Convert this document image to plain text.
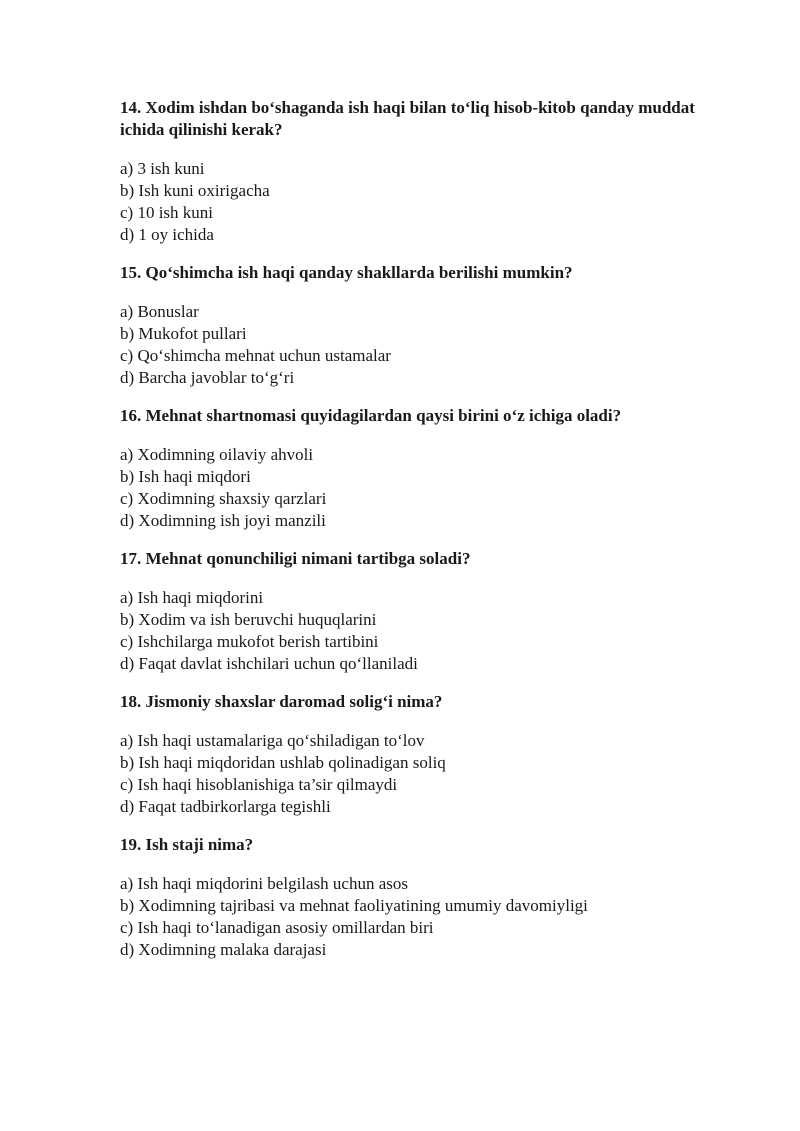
14. Xodim ishdan bo‘shaganda ish haqi bilan to‘liq hisob-kitob qanday muddat ichida qilinishi kerak?
a) 3 ish kuni
b) Ish kuni oxirigacha
c) 10 ish kuni
d) 1 oy ichida
15. Qo‘shimcha ish haqi qanday shakllarda berilishi mumkin?
a) Bonuslar
b) Mukofot pullari
c) Qo‘shimcha mehnat uchun ustamalar
d) Barcha javoblar to‘g‘ri
16. Mehnat shartnomasi quyidagilardan qaysi birini o‘z ichiga oladi?
a) Xodimning oilaviy ahvoli
b) Ish haqi miqdori
c) Xodimning shaxsiy qarzlari
d) Xodimning ish joyi manzili
17. Mehnat qonunchiligi nimani tartibga soladi?
a) Ish haqi miqdorini
b) Xodim va ish beruvchi huquqlarini
c) Ishchilarga mukofot berish tartibini
d) Faqat davlat ishchilari uchun qo‘llaniladi
18. Jismoniy shaxslar daromad solig‘i nima?
a) Ish haqi ustamalariga qo‘shiladigan to‘lov
b) Ish haqi miqdoridan ushlab qolinadigan soliq
c) Ish haqi hisoblanishiga ta’sir qilmaydi
d) Faqat tadbirkorlarga tegishli
19. Ish staji nima?
a) Ish haqi miqdorini belgilash uchun asos
b) Xodimning tajribasi va mehnat faoliyatining umumiy davomiyligi
c) Ish haqi to‘lanadigan asosiy omillardan biri
d) Xodimning malaka darajasi
